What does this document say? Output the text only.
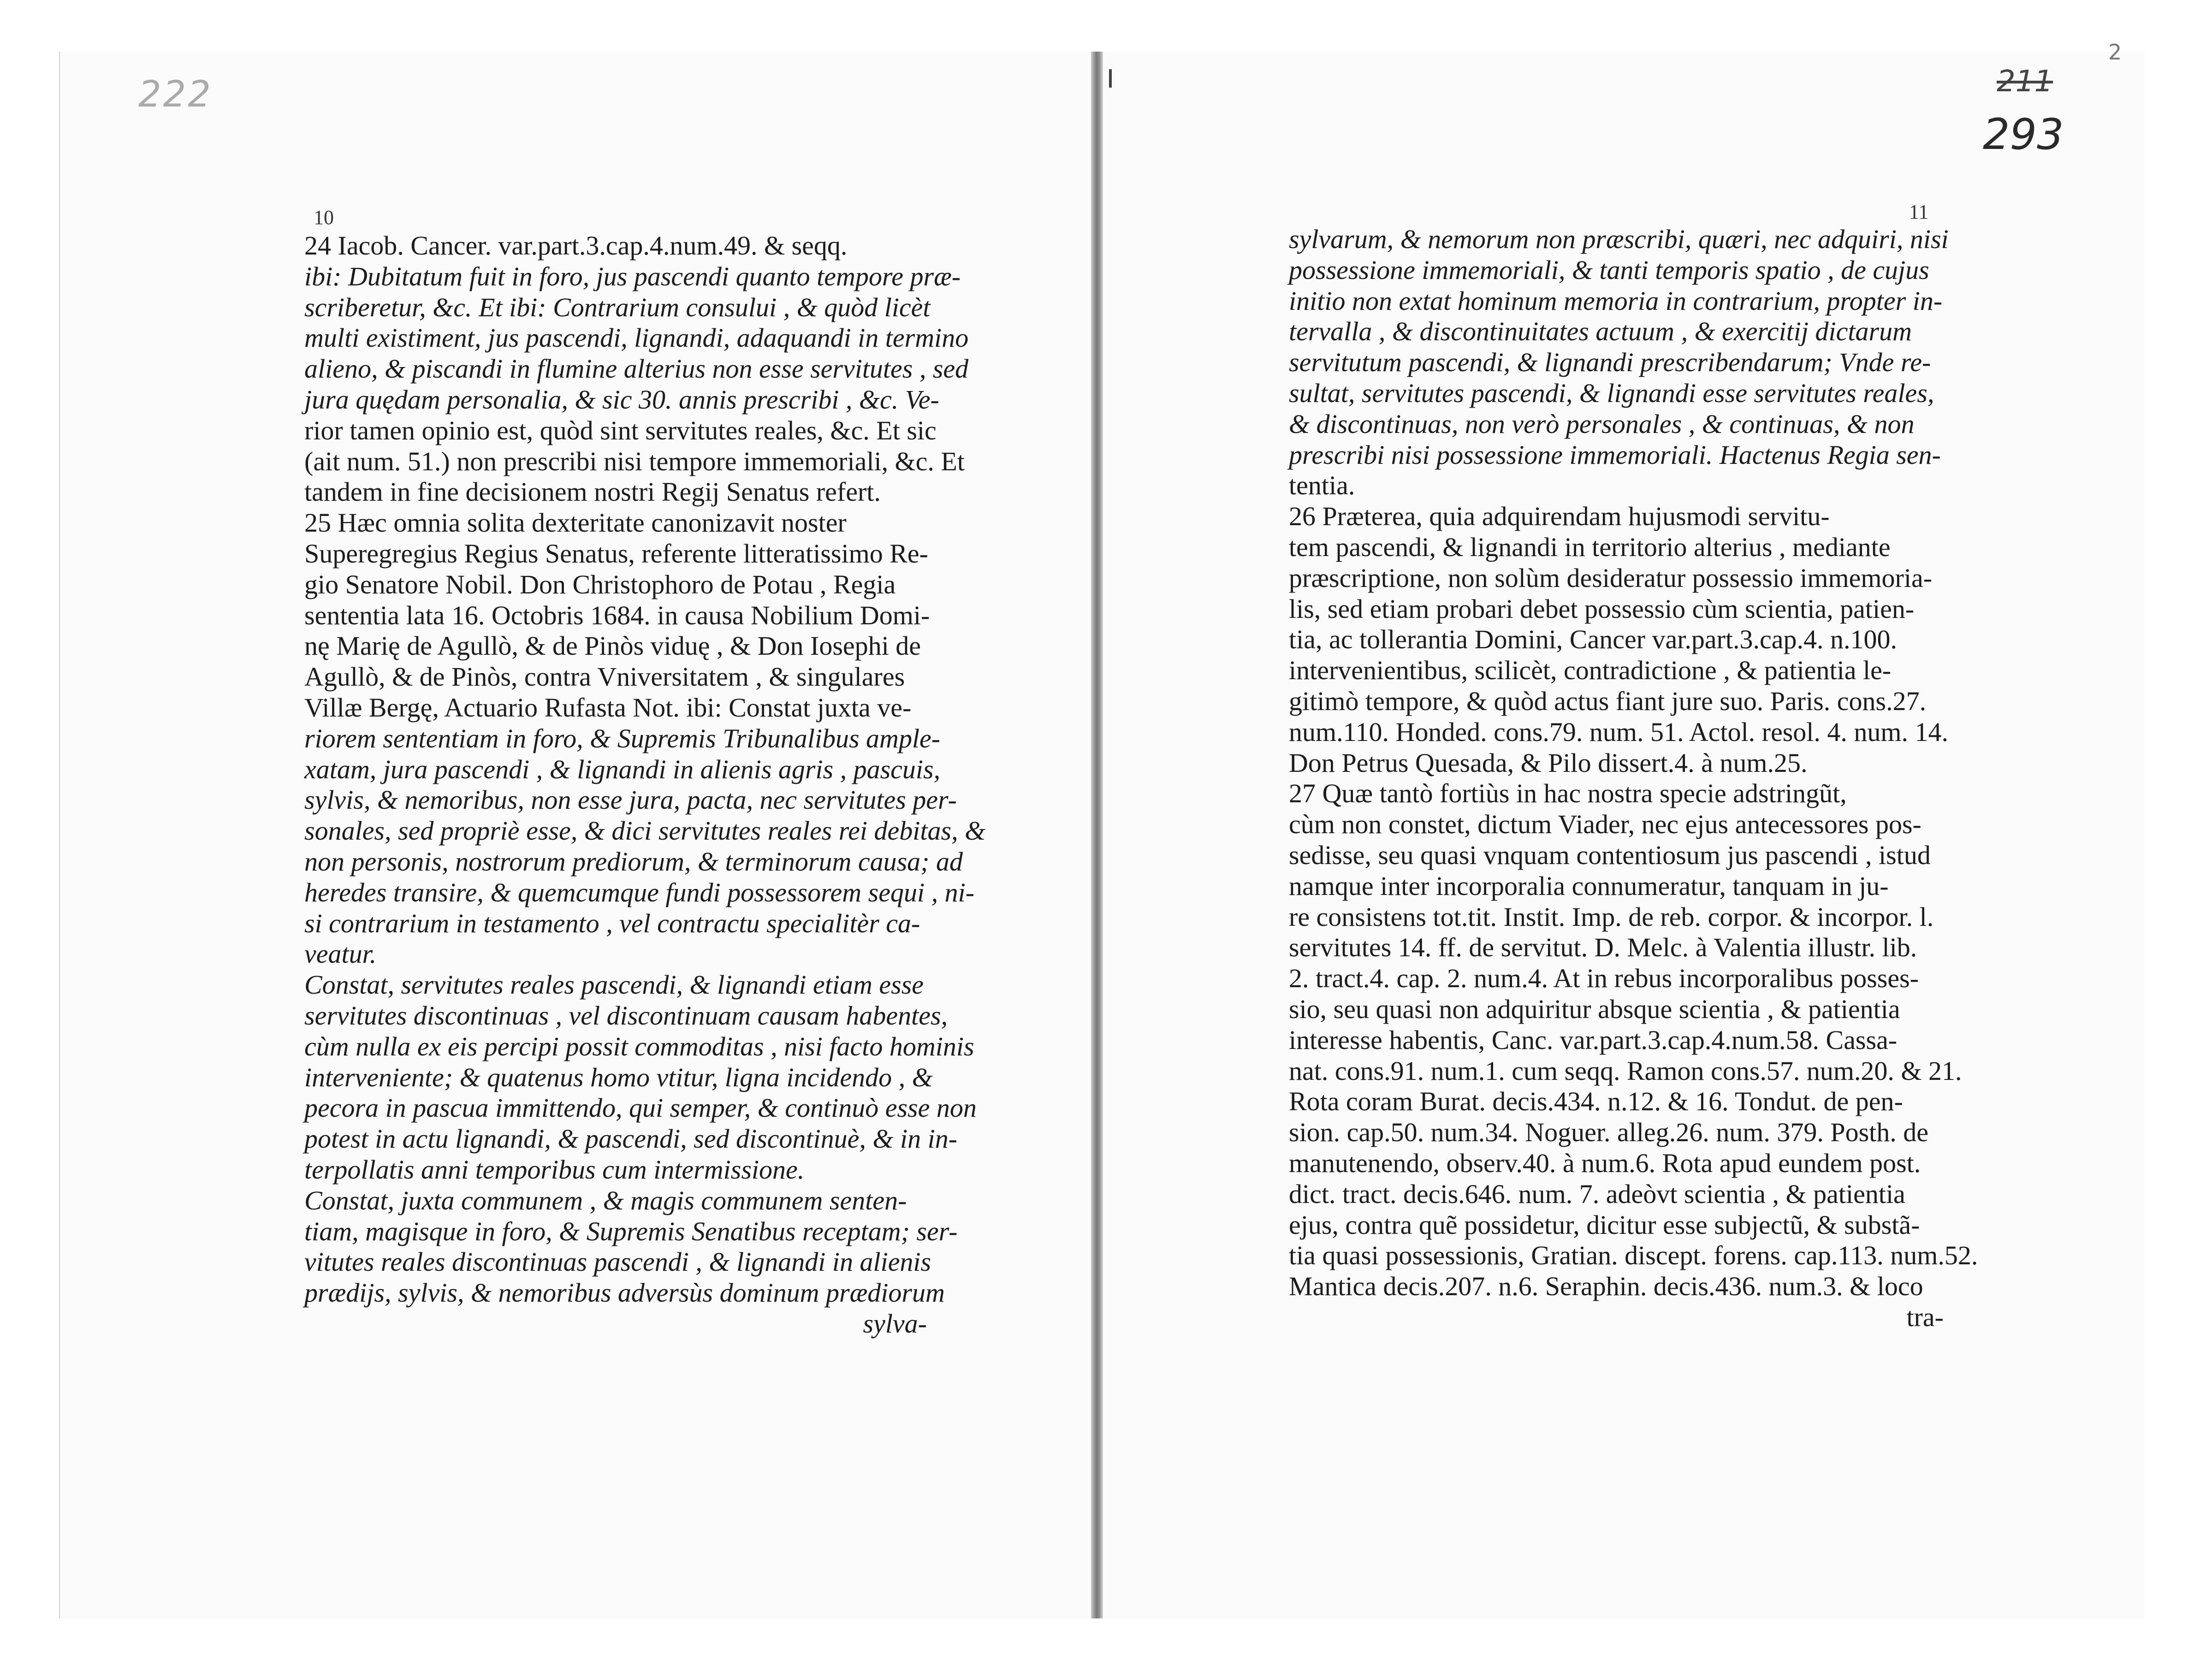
222	211
2
293
10	11
24 Iacob. Cancer. var.part.3.cap.4.num.49. & seqq.
ibi: Dubitatum fuit in foro, jus pascendi quanto tempore præ-
scriberetur, &c. Et ibi: Contrarium consului , & quòd licèt
multi existiment, jus pascendi, lignandi, adaquandi in termino
alieno, & piscandi in flumine alterius non esse servitutes , sed
jura quędam personalia, & sic 30. annis prescribi , &c. Ve-
rior tamen opinio est, quòd sint servitutes reales, &c. Et sic
(ait num. 51.) non prescribi nisi tempore immemoriali, &c. Et
tandem in fine decisionem nostri Regij Senatus refert.
25 Hæc omnia solita dexteritate canonizavit noster
Superegregius Regius Senatus, referente litteratissimo Re-
gio Senatore Nobil. Don Christophoro de Potau , Regia
sententia lata 16. Octobris 1684. in causa Nobilium Domi-
nę Marię de Agullò, & de Pinòs viduę , & Don Iosephi de
Agullò, & de Pinòs, contra Vniversitatem , & singulares
Villæ Bergę, Actuario Rufasta Not. ibi: Constat juxta ve-
riorem sententiam in foro, & Supremis Tribunalibus ample-
xatam, jura pascendi , & lignandi in alienis agris , pascuis,
sylvis, & nemoribus, non esse jura, pacta, nec servitutes per-
sonales, sed propriè esse, & dici servitutes reales rei debitas, &
non personis, nostrorum prediorum, & terminorum causa; ad
heredes transire, & quemcumque fundi possessorem sequi , ni-
si contrarium in testamento , vel contractu specialitèr ca-
veatur.
Constat, servitutes reales pascendi, & lignandi etiam esse
servitutes discontinuas , vel discontinuam causam habentes,
cùm nulla ex eis percipi possit commoditas , nisi facto hominis
interveniente; & quatenus homo vtitur, ligna incidendo , &
pecora in pascua immittendo, qui semper, & continuò esse non
potest in actu lignandi, & pascendi, sed discontinuè, & in in-
terpollatis anni temporibus cum intermissione.
Constat, juxta communem , & magis communem senten-
tiam, magisque in foro, & Supremis Senatibus receptam; ser-
vitutes reales discontinuas pascendi , & lignandi in alienis
prædijs, sylvis, & nemoribus adversùs dominum prædiorum
sylva-
sylvarum, & nemorum non præscribi, quæri, nec adquiri, nisi
possessione immemoriali, & tanti temporis spatio , de cujus
initio non extat hominum memoria in contrarium, propter in-
tervalla , & discontinuitates actuum , & exercitij dictarum
servitutum pascendi, & lignandi prescribendarum; Vnde re-
sultat, servitutes pascendi, & lignandi esse servitutes reales,
& discontinuas, non verò personales , & continuas, & non
prescribi nisi possessione immemoriali. Hactenus Regia sen-
tentia.
26 Præterea, quia adquirendam hujusmodi servitu-
tem pascendi, & lignandi in territorio alterius , mediante
præscriptione, non solùm desideratur possessio immemoria-
lis, sed etiam probari debet possessio cùm scientia, patien-
tia, ac tollerantia Domini, Cancer var.part.3.cap.4. n.100.
intervenientibus, scilicèt, contradictione , & patientia le-
gitimò tempore, & quòd actus fiant jure suo. Paris. cons.27.
num.110. Honded. cons.79. num. 51. Actol. resol. 4. num. 14.
Don Petrus Quesada, & Pilo dissert.4. à num.25.
27 Quæ tantò fortiùs in hac nostra specie adstringũt,
cùm non constet, dictum Viader, nec ejus antecessores pos-
sedisse, seu quasi vnquam contentiosum jus pascendi , istud
namque inter incorporalia connumeratur, tanquam in ju-
re consistens tot.tit. Instit. Imp. de reb. corpor. & incorpor. l.
servitutes 14. ff. de servitut. D. Melc. à Valentia illustr. lib.
2. tract.4. cap. 2. num.4. At in rebus incorporalibus posses-
sio, seu quasi non adquiritur absque scientia , & patientia
interesse habentis, Canc. var.part.3.cap.4.num.58. Cassa-
nat. cons.91. num.1. cum seqq. Ramon cons.57. num.20. & 21.
Rota coram Burat. decis.434. n.12. & 16. Tondut. de pen-
sion. cap.50. num.34. Noguer. alleg.26. num. 379. Posth. de
manutenendo, observ.40. à num.6. Rota apud eundem post.
dict. tract. decis.646. num. 7. adeòvt scientia , & patientia
ejus, contra quẽ possidetur, dicitur esse subjectũ, & substã-
tia quasi possessionis, Gratian. discept. forens. cap.113. num.52.
Mantica decis.207. n.6. Seraphin. decis.436. num.3. & loco
tra-
